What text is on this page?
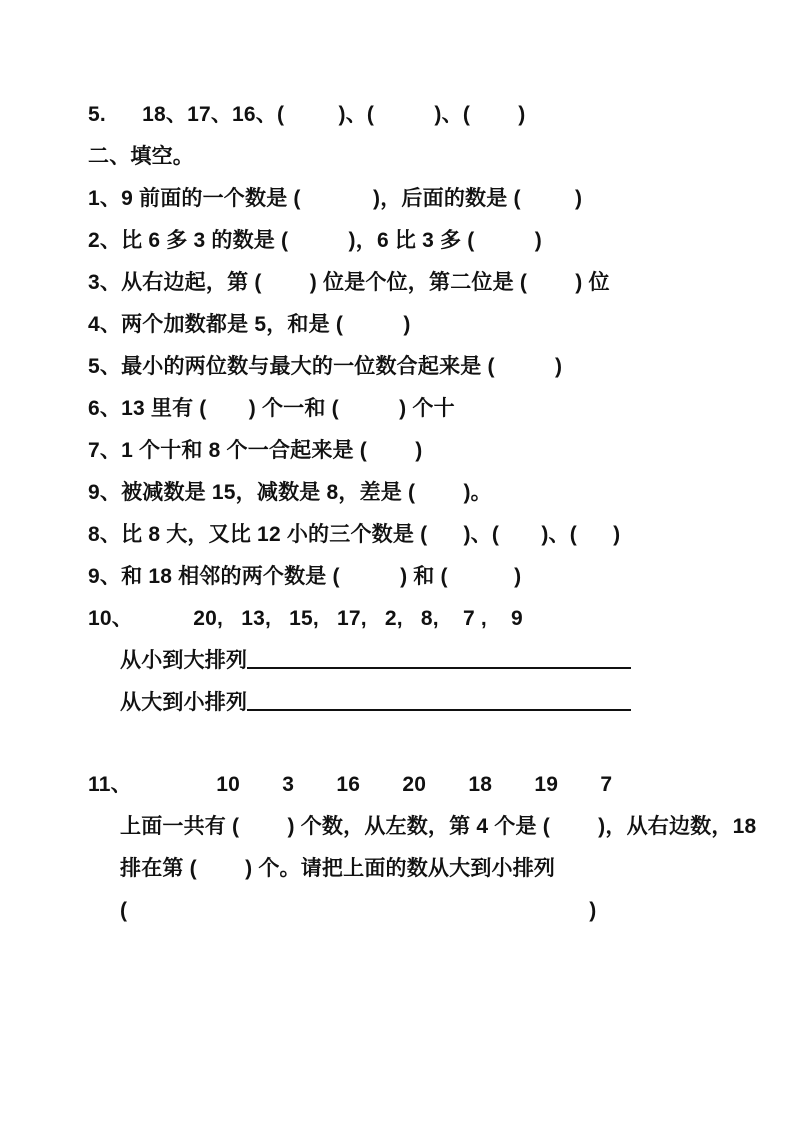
5.      18、17、16、(         )、(          )、(        )

二、填空。

1、9 前面的一个数是 (            )，后面的数是 (         )

2、比 6 多 3 的数是 (          )，6 比 3 多 (          )

3、从右边起，第 (        ) 位是个位，第二位是 (        ) 位

4、两个加数都是 5，和是 (          )

5、最小的两位数与最大的一位数合起来是 (          )

6、13 里有 (       ) 个一和 (          ) 个十

7、1 个十和 8 个一合起来是 (        )

9、被减数是 15，减数是 8，差是 (        )。

8、比 8 大，又比 12 小的三个数是 (      )、(       )、(      )

9、和 18 相邻的两个数是 (          ) 和 (           )

10、          20,   13,   15,   17,   2,   8,    7 ,    9

从小到大排列

从大到小排列

11、              10       3       16       20       18       19       7

上面一共有 (        ) 个数，从左数，第 4 个是 (        )，从右边数，18

排在第 (        ) 个。请把上面的数从大到小排列

(	)
